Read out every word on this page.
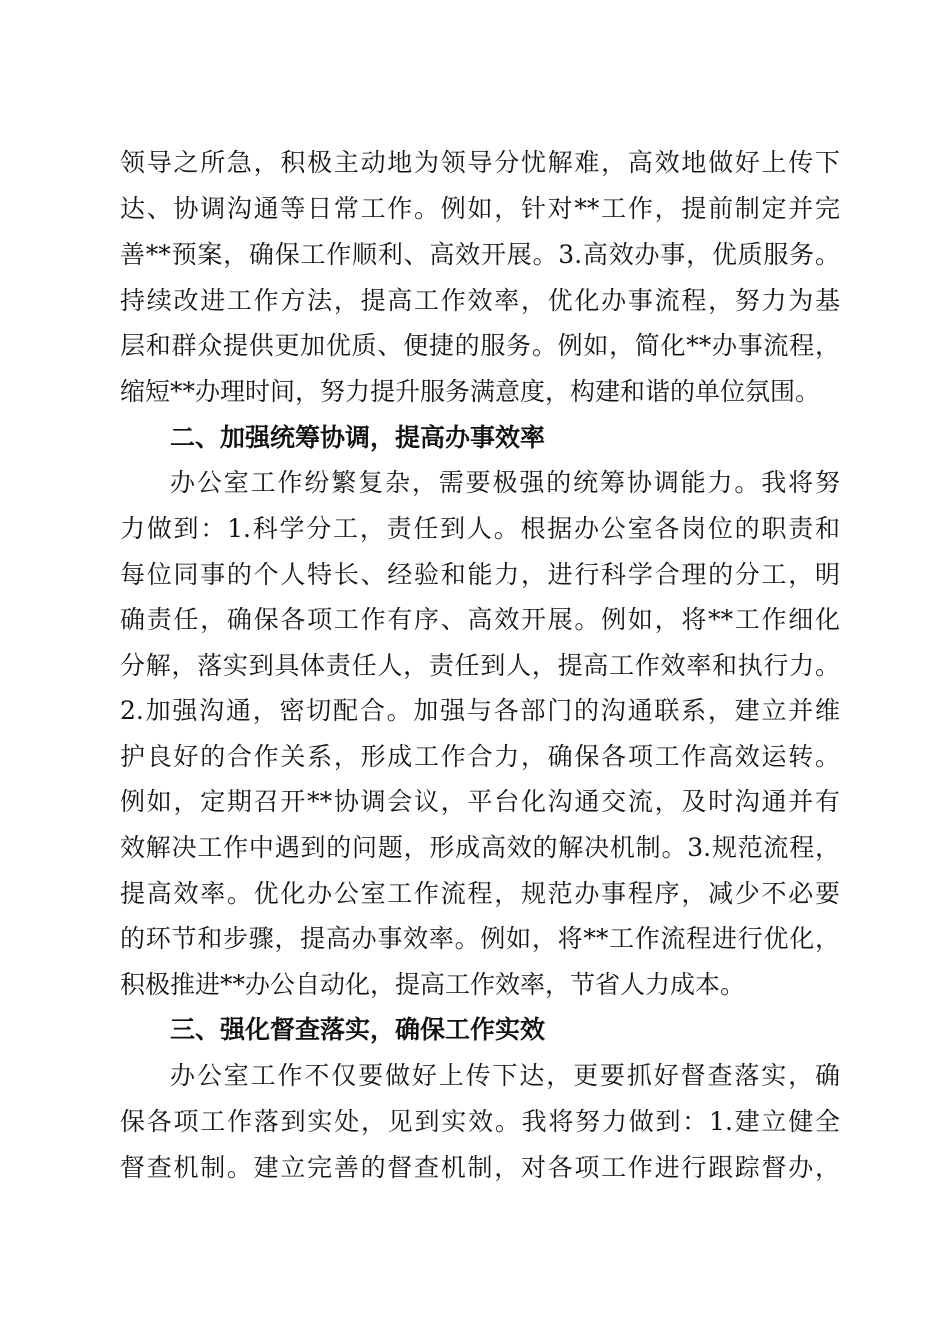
领导之所急，积极主动地为领导分忧解难，高效地做好上传下
达、协调沟通等日常工作。例如，针对**工作，提前制定并完
善**预案，确保工作顺利、高效开展。3.高效办事，优质服务。
持续改进工作方法，提高工作效率，优化办事流程，努力为基
层和群众提供更加优质、便捷的服务。例如，简化**办事流程，
缩短**办理时间，努力提升服务满意度，构建和谐的单位氛围。
二、加强统筹协调，提高办事效率
办公室工作纷繁复杂，需要极强的统筹协调能力。我将努
力做到：1.科学分工，责任到人。根据办公室各岗位的职责和
每位同事的个人特长、经验和能力，进行科学合理的分工，明
确责任，确保各项工作有序、高效开展。例如，将**工作细化
分解，落实到具体责任人，责任到人，提高工作效率和执行力。
2.加强沟通，密切配合。加强与各部门的沟通联系，建立并维
护良好的合作关系，形成工作合力，确保各项工作高效运转。
例如，定期召开**协调会议，平台化沟通交流，及时沟通并有
效解决工作中遇到的问题，形成高效的解决机制。3.规范流程，
提高效率。优化办公室工作流程，规范办事程序，减少不必要
的环节和步骤，提高办事效率。例如，将**工作流程进行优化，
积极推进**办公自动化，提高工作效率，节省人力成本。
三、强化督查落实，确保工作实效
办公室工作不仅要做好上传下达，更要抓好督查落实，确
保各项工作落到实处，见到实效。我将努力做到：1.建立健全
督查机制。建立完善的督查机制，对各项工作进行跟踪督办，
